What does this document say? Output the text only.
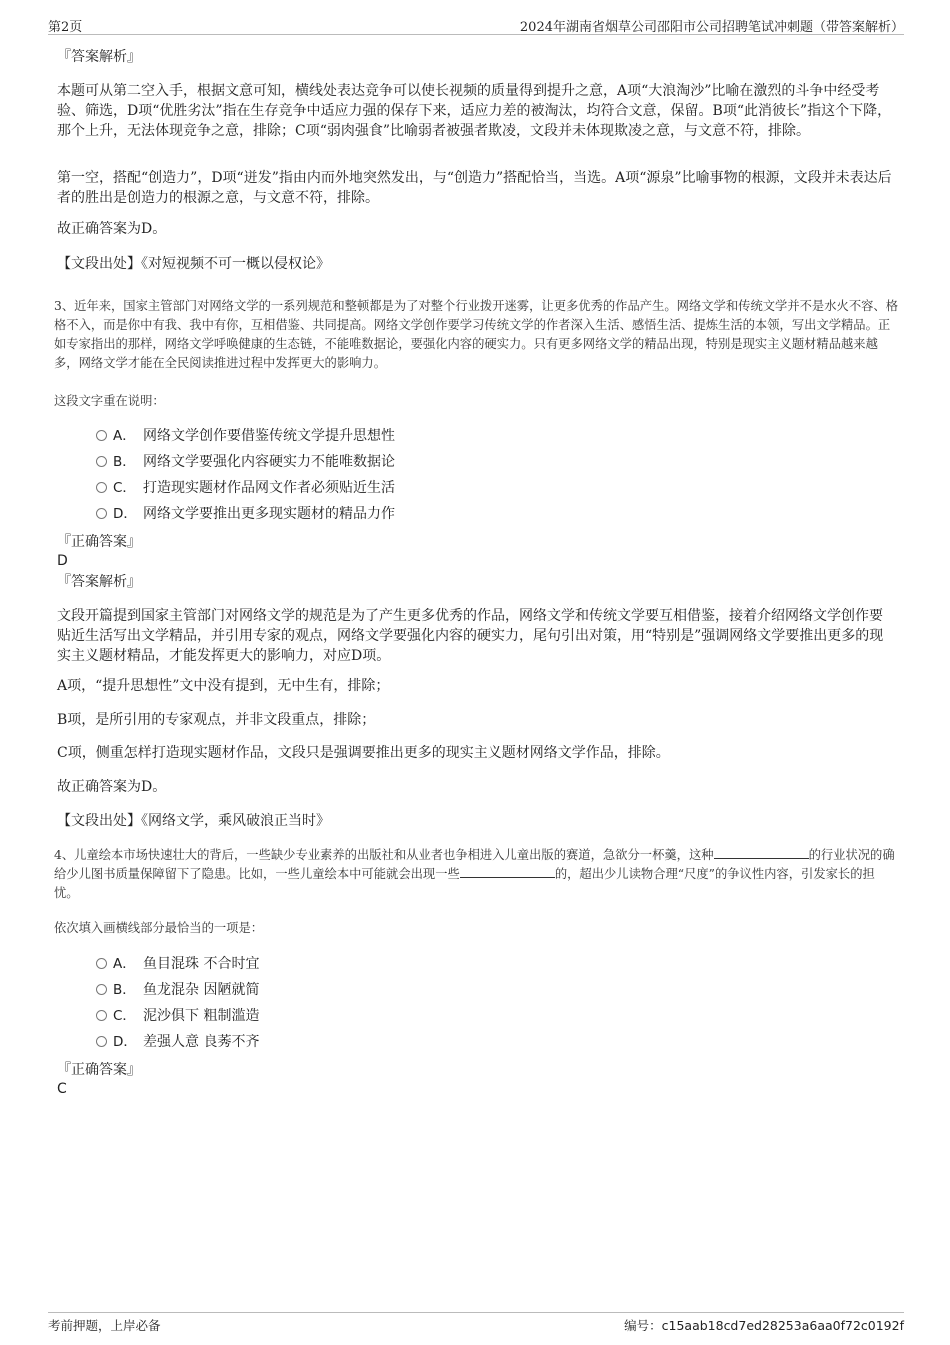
第2页	2024年湖南省烟草公司邵阳市公司招聘笔试冲刺题（带答案解析）
『答案解析』

本题可从第二空入手，根据文意可知，横线处表达竞争可以使长视频的质量得到提升之意，A项“大浪淘沙”比喻在激烈的斗争中经受考验、筛选，D项“优胜劣汰”指在生存竞争中适应力强的保存下来，适应力差的被淘汰，均符合文意，保留。B项“此消彼长”指这个下降，那个上升，无法体现竞争之意，排除；C项“弱肉强食”比喻弱者被强者欺凌，文段并未体现欺凌之意，与文意不符，排除。

第一空，搭配“创造力”，D项“迸发”指由内而外地突然发出，与“创造力”搭配恰当，当选。A项“源泉”比喻事物的根源，文段并未表达后者的胜出是创造力的根源之意，与文意不符，排除。

故正确答案为D。

【文段出处】《对短视频不可一概以侵权论》

3、近年来，国家主管部门对网络文学的一系列规范和整顿都是为了对整个行业拨开迷雾，让更多优秀的作品产生。网络文学和传统文学并不是水火不容、格格不入，而是你中有我、我中有你，互相借鉴、共同提高。网络文学创作要学习传统文学的作者深入生活、感悟生活、提炼生活的本领，写出文学精品。正如专家指出的那样，网络文学呼唤健康的生态链，不能唯数据论，要强化内容的硬实力。只有更多网络文学的精品出现，特别是现实主义题材精品越来越多，网络文学才能在全民阅读推进过程中发挥更大的影响力。

这段文字重在说明：

A． 网络文学创作要借鉴传统文学提升思想性
B． 网络文学要强化内容硬实力不能唯数据论
C． 打造现实题材作品网文作者必须贴近生活
D． 网络文学要推出更多现实题材的精品力作
『正确答案』
D
『答案解析』

文段开篇提到国家主管部门对网络文学的规范是为了产生更多优秀的作品，网络文学和传统文学要互相借鉴，接着介绍网络文学创作要贴近生活写出文学精品，并引用专家的观点，网络文学要强化内容的硬实力，尾句引出对策，用“特别是”强调网络文学要推出更多的现实主义题材精品，才能发挥更大的影响力，对应D项。

A项，“提升思想性”文中没有提到，无中生有，排除；

B项，是所引用的专家观点，并非文段重点，排除；

C项，侧重怎样打造现实题材作品，文段只是强调要推出更多的现实主义题材网络文学作品，排除。

故正确答案为D。

【文段出处】《网络文学，乘风破浪正当时》

4、儿童绘本市场快速壮大的背后，一些缺少专业素养的出版社和从业者也争相进入儿童出版的赛道，急欲分一杯羹，这种	的行业状况的确给少儿图书质量保障留下了隐患。比如，一些儿童绘本中可能就会出现一些	的，超出少儿读物合理“尺度”的争议性内容，引发家长的担忧。

依次填入画横线部分最恰当的一项是：

A． 鱼目混珠 不合时宜
B． 鱼龙混杂 因陋就简
C． 泥沙俱下 粗制滥造
D． 差强人意 良莠不齐
『正确答案』
C
考前押题，上岸必备	编号：c15aab18cd7ed28253a6aa0f72c0192f
